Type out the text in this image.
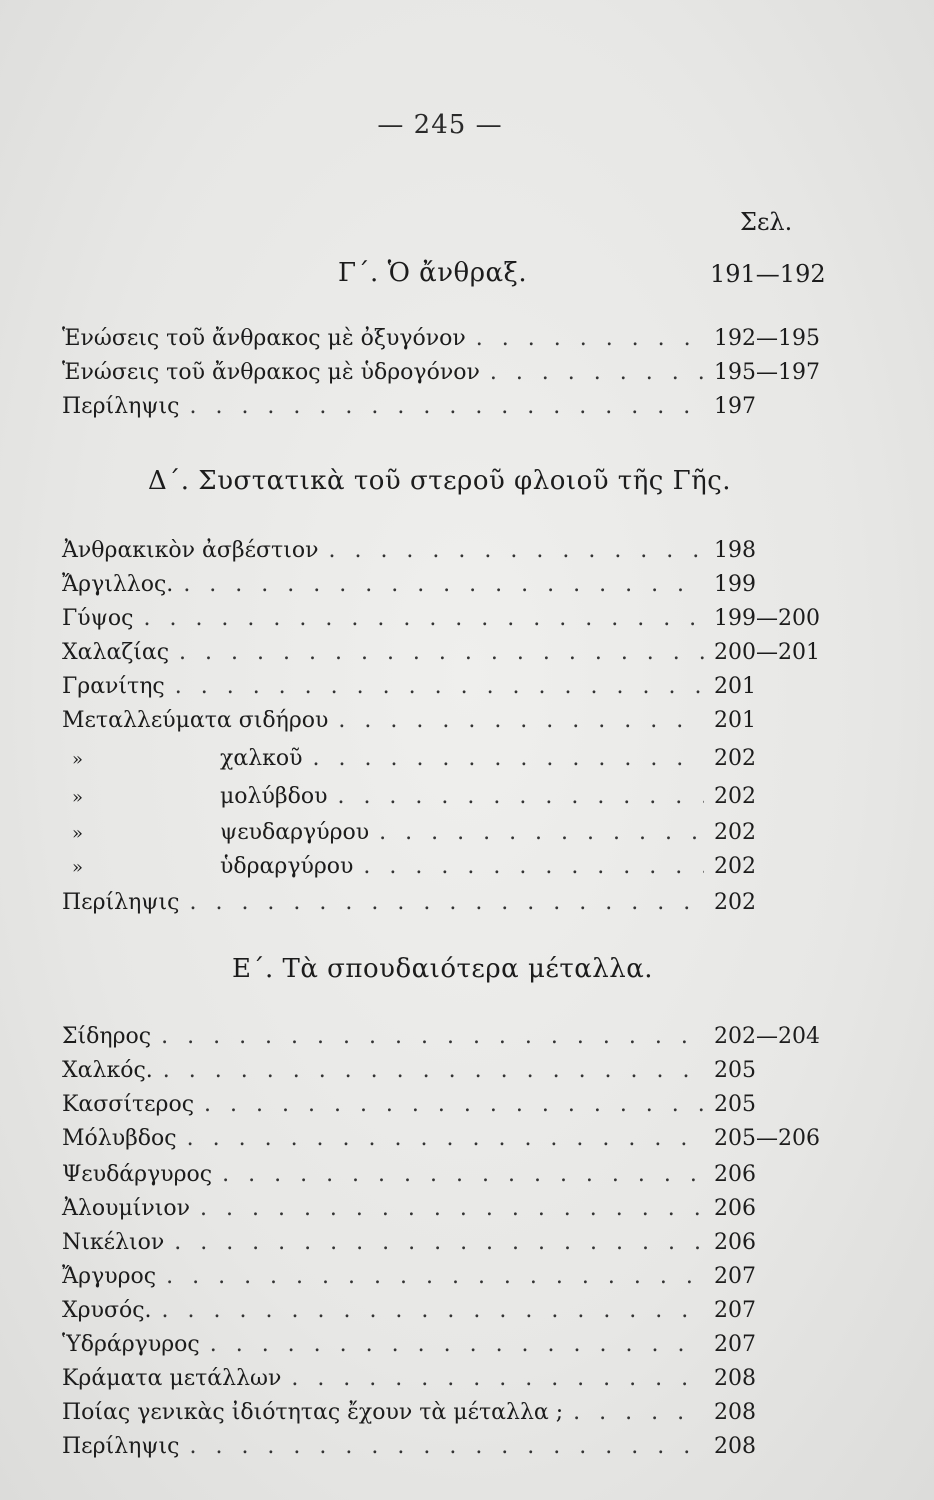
— 245 —
Σελ.
Γ΄. Ὁ ἄνθραξ.	191—192
Ἑνώσεις τοῦ ἄνθρακος μὲ ὀξυγόνον . . .	192—195
Ἑνώσεις τοῦ ἄνθρακος μὲ ὑδρογόνον . . .	195—197
Περίληψις . . .	197
Δ΄. Συστατικὰ τοῦ στεροῦ φλοιοῦ τῆς Γῆς.
Ἀνθρακικὸν ἀσβέστιον . . .	198
Ἄργιλλος. . . .	199
Γύψος . . .	199—200
Χαλαζίας . . .	200—201
Γρανίτης . . .	201
Μεταλλεύματα σιδήρου . . .	201
»	χαλκοῦ . . .	202
»	μολύβδου . . .	202
»	ψευδαργύρου . . .	202
»	ὑδραργύρου . . .	202
Περίληψις . . .	202
Ε΄. Τὰ σπουδαιότερα μέταλλα.
Σίδηρος . . .	202—204
Χαλκός. . . .	205
Κασσίτερος . . .	205
Μόλυβδος . . .	205—206
Ψευδάργυρος . . .	206
Ἀλουμίνιον . . .	206
Νικέλιον . . .	206
Ἄργυρος . . .	207
Χρυσός. . . .	207
Ὑδράργυρος . . .	207
Κράματα μετάλλων . . .	208
Ποίας γενικὰς ἰδιότητας ἔχουν τὰ μέταλλα ; . . .	208
Περίληψις . . .	208
